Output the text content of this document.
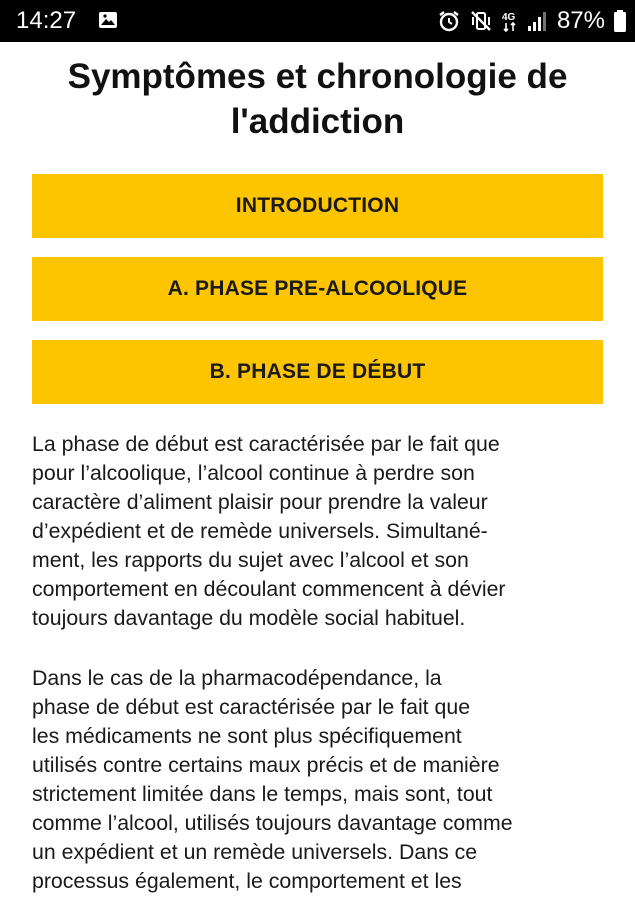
14:27	4G 87%
Symptômes et chronologie de
l'addiction
INTRODUCTION
A. PHASE PRE-ALCOOLIQUE
B. PHASE DE DÉBUT

La phase de début est caractérisée par le fait que
pour l’alcoolique, l’alcool continue à perdre son
caractère d’aliment plaisir pour prendre la valeur
d’expédient et de remède universels. Simultané-
ment, les rapports du sujet avec l’alcool et son
comportement en découlant commencent à dévier
toujours davantage du modèle social habituel.

Dans le cas de la pharmacodépendance, la
phase de début est caractérisée par le fait que
les médicaments ne sont plus spécifiquement
utilisés contre certains maux précis et de manière
strictement limitée dans le temps, mais sont, tout
comme l’alcool, utilisés toujours davantage comme
un expédient et un remède universels. Dans ce
processus également, le comportement et les
